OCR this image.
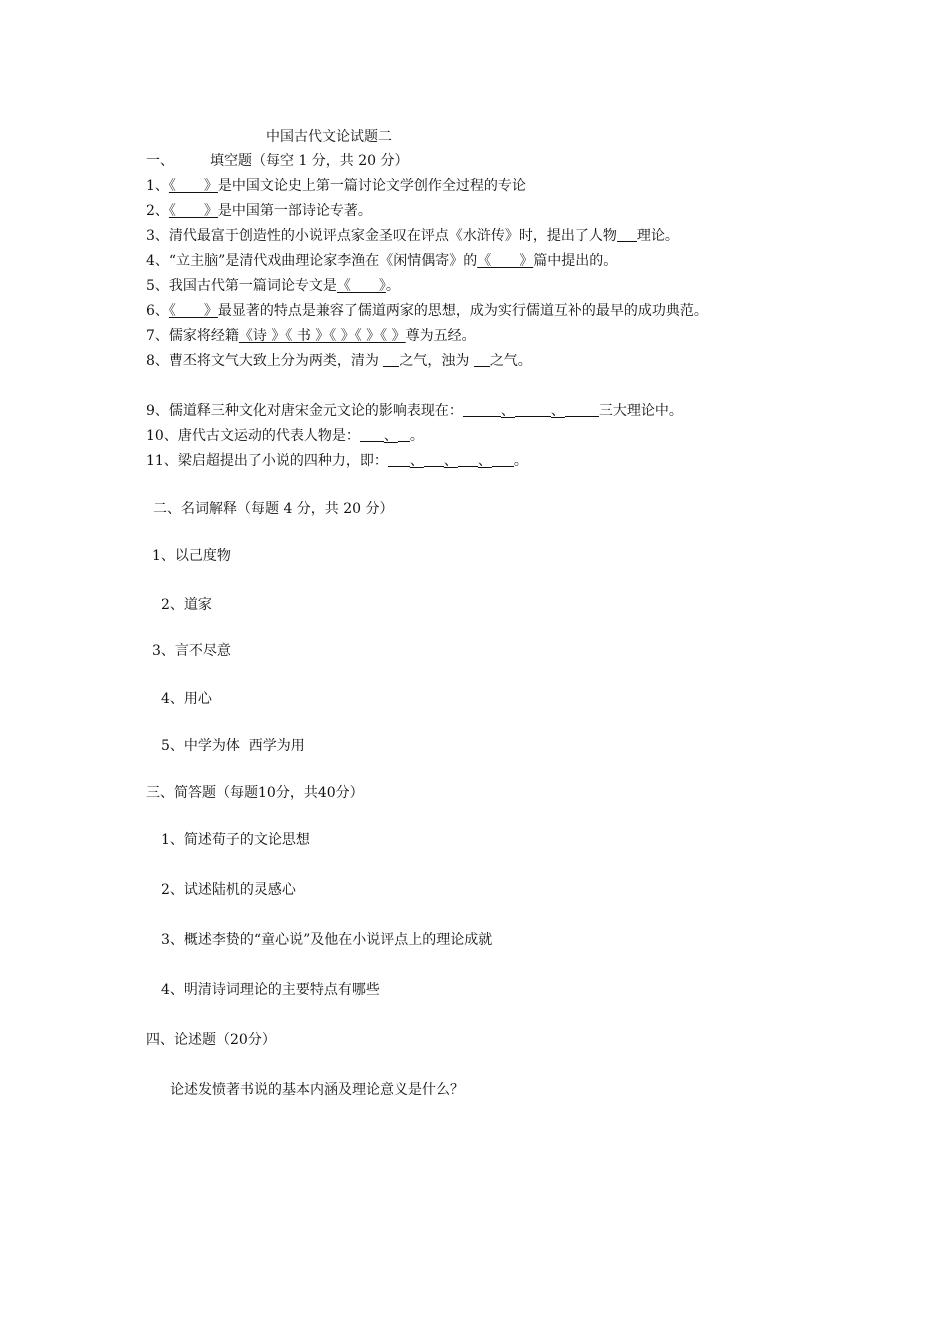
中国古代文论试题二
一、	填空题（每空 1 分，共 20 分）
1、《　　》是中国文论史上第一篇讨论文学创作全过程的专论
2、《　　》是中国第一部诗论专著。
3、清代最富于创造性的小说评点家金圣叹在评点《水浒传》时，提出了人物 理论。
4、“立主脑”是清代戏曲理论家李渔在《闲情偶寄》的《　　》篇中提出的。
5、我国古代第一篇词论专文是《　　》。
6、《　　》最显著的特点是兼容了儒道两家的思想，成为实行儒道互补的最早的成功典范。
7、儒家将经籍《诗 》《 书 》《 》《 》《 》尊为五经。
8、曹丕将文气大致上分为两类，清为 之气，浊为 之气。
9、儒道释三种文化对唐宋金元文论的影响表现在：	、	、 三大理论中。
10、唐代古文运动的代表人物是： 、 。
11、梁启超提出了小说的四种力，即： 、 、 、 。
二、名词解释（每题 4 分，共 20 分）
1、以己度物
2、道家
3、言不尽意
4、用心
5、中学为体  西学为用
三、简答题（每题10分，共40分）
1、简述荀子的文论思想
2、试述陆机的灵感心
3、概述李贽的“童心说”及他在小说评点上的理论成就
4、明清诗词理论的主要特点有哪些
四、论述题（20分）
论述发愤著书说的基本内涵及理论意义是什么？
